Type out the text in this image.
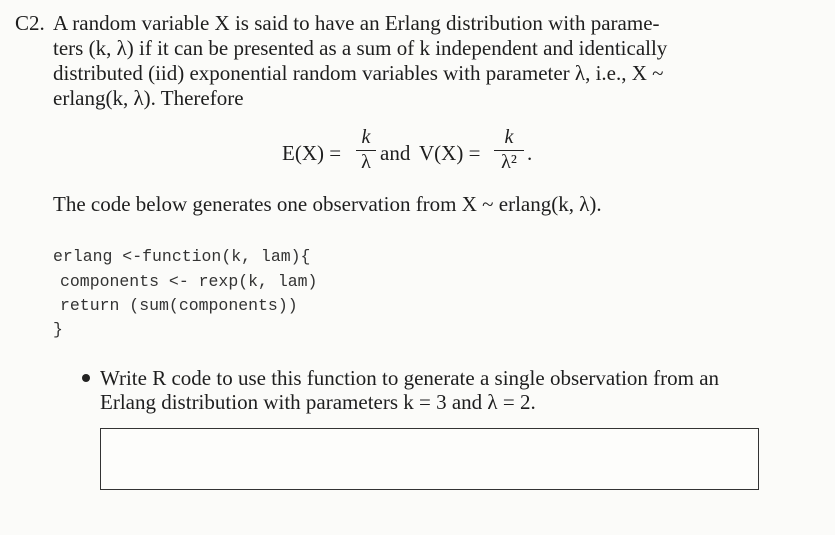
C2. A random variable X is said to have an Erlang distribution with parame-
ters (k, λ) if it can be presented as a sum of k independent and identically
distributed (iid) exponential random variables with parameter λ, i.e., X ~
erlang(k, λ). Therefore
E(X) =
k
λ and V(X) =
k
λ² .
The code below generates one observation from X ~ erlang(k, λ).
erlang <-function(k, lam){
components <- rexp(k, lam)
return (sum(components))
}
Write R code to use this function to generate a single observation from an
Erlang distribution with parameters k = 3 and λ = 2.
